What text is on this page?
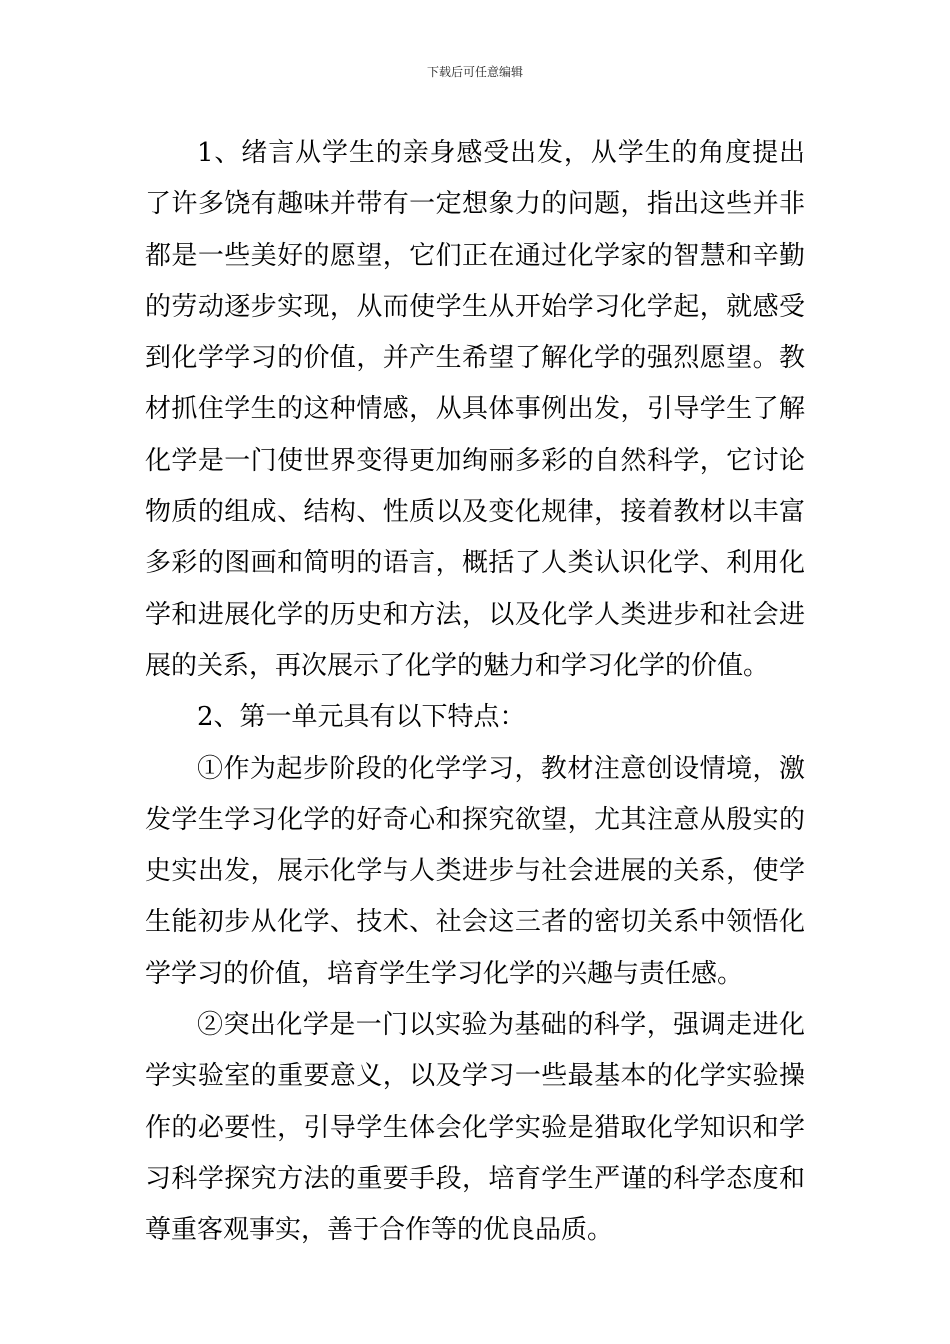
下载后可任意编辑

1、绪言从学生的亲身感受出发，从学生的角度提出了许多饶有趣味并带有一定想象力的问题，指出这些并非都是一些美好的愿望，它们正在通过化学家的智慧和辛勤的劳动逐步实现，从而使学生从开始学习化学起，就感受到化学学习的价值，并产生希望了解化学的强烈愿望。教材抓住学生的这种情感，从具体事例出发，引导学生了解化学是一门使世界变得更加绚丽多彩的自然科学，它讨论物质的组成、结构、性质以及变化规律，接着教材以丰富多彩的图画和简明的语言，概括了人类认识化学、利用化学和进展化学的历史和方法，以及化学人类进步和社会进展的关系，再次展示了化学的魅力和学习化学的价值。

2、第一单元具有以下特点：

①作为起步阶段的化学学习，教材注意创设情境，激发学生学习化学的好奇心和探究欲望，尤其注意从殷实的史实出发，展示化学与人类进步与社会进展的关系，使学生能初步从化学、技术、社会这三者的密切关系中领悟化学学习的价值，培育学生学习化学的兴趣与责任感。

②突出化学是一门以实验为基础的科学，强调走进化学实验室的重要意义，以及学习一些最基本的化学实验操作的必要性，引导学生体会化学实验是猎取化学知识和学习科学探究方法的重要手段，培育学生严谨的科学态度和尊重客观事实，善于合作等的优良品质。
